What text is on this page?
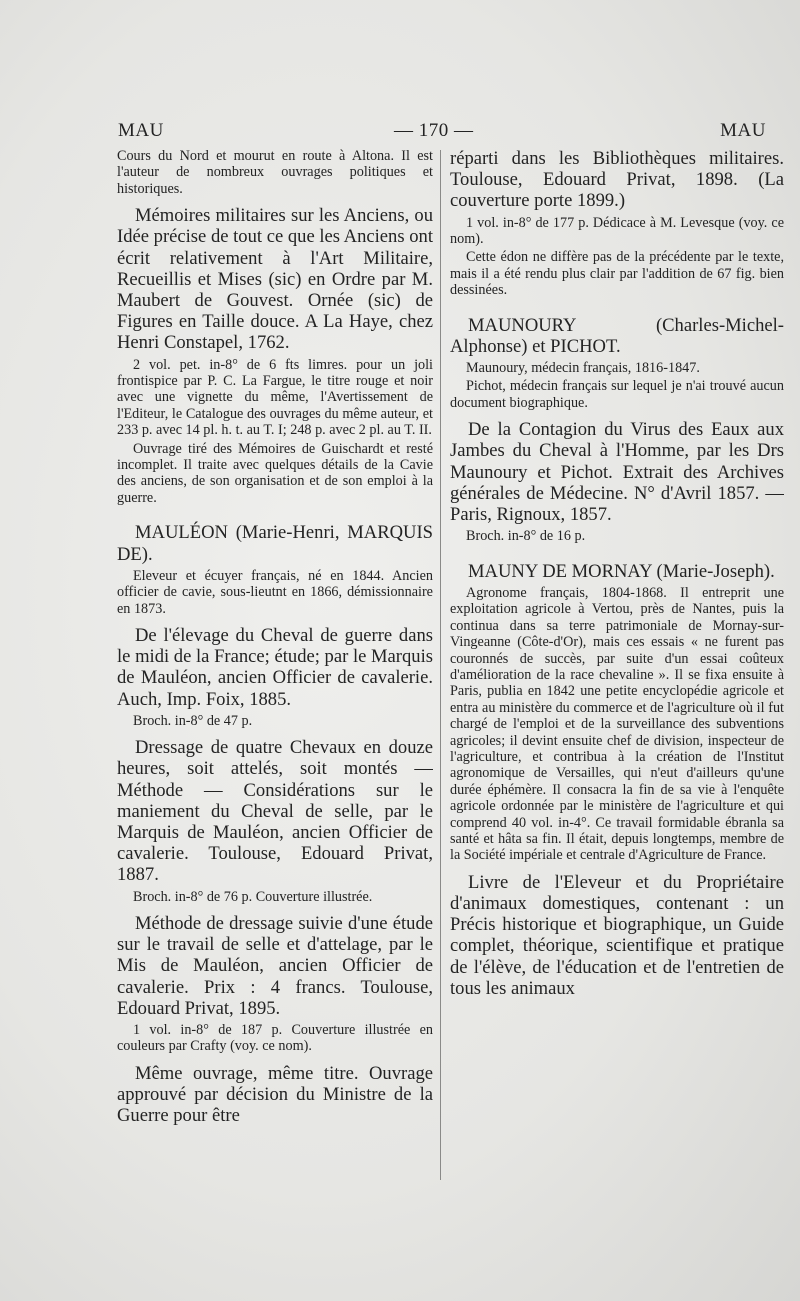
MAU	— 170 —	MAU

Cours du Nord et mourut en route à Altona. Il est l'auteur de nombreux ouvrages politiques et historiques.

Mémoires militaires sur les Anciens, ou Idée précise de tout ce que les Anciens ont écrit relativement à l'Art Militaire, Recueillis et Mises (sic) en Ordre par M. Maubert de Gouvest. Ornée (sic) de Figures en Taille douce. A La Haye, chez Henri Constapel, 1762.

2 vol. pet. in-8° de 6 fts limres. pour un joli frontispice par P. C. La Fargue, le titre rouge et noir avec une vignette du même, l'Avertissement de l'Editeur, le Catalogue des ouvrages du même auteur, et 233 p. avec 14 pl. h. t. au T. I; 248 p. avec 2 pl. au T. II.

Ouvrage tiré des Mémoires de Guischardt et resté incomplet. Il traite avec quelques détails de la Cavie des anciens, de son organisation et de son emploi à la guerre.

MAULÉON (Marie-Henri, MARQUIS DE).

Eleveur et écuyer français, né en 1844. Ancien officier de cavie, sous-lieutnt en 1866, démissionnaire en 1873.

De l'élevage du Cheval de guerre dans le midi de la France; étude; par le Marquis de Mauléon, ancien Officier de cavalerie. Auch, Imp. Foix, 1885.

Broch. in-8° de 47 p.

Dressage de quatre Chevaux en douze heures, soit attelés, soit montés — Méthode — Considérations sur le maniement du Cheval de selle, par le Marquis de Mauléon, ancien Officier de cavalerie. Toulouse, Edouard Privat, 1887.

Broch. in-8° de 76 p. Couverture illustrée.

Méthode de dressage suivie d'une étude sur le travail de selle et d'attelage, par le Mis de Mauléon, ancien Officier de cavalerie. Prix : 4 francs. Toulouse, Edouard Privat, 1895.

1 vol. in-8° de 187 p. Couverture illustrée en couleurs par Crafty (voy. ce nom).

Même ouvrage, même titre. Ouvrage approuvé par décision du Ministre de la Guerre pour être

réparti dans les Bibliothèques militaires. Toulouse, Edouard Privat, 1898. (La couverture porte 1899.)

1 vol. in-8° de 177 p. Dédicace à M. Levesque (voy. ce nom).

Cette édon ne diffère pas de la précédente par le texte, mais il a été rendu plus clair par l'addition de 67 fig. bien dessinées.

MAUNOURY (Charles-Michel-Alphonse) et PICHOT.

Maunoury, médecin français, 1816-1847.

Pichot, médecin français sur lequel je n'ai trouvé aucun document biographique.

De la Contagion du Virus des Eaux aux Jambes du Cheval à l'Homme, par les Drs Maunoury et Pichot. Extrait des Archives générales de Médecine. N° d'Avril 1857. — Paris, Rignoux, 1857.

Broch. in-8° de 16 p.

MAUNY DE MORNAY (Marie-Joseph).

Agronome français, 1804-1868. Il entreprit une exploitation agricole à Vertou, près de Nantes, puis la continua dans sa terre patrimoniale de Mornay-sur-Vingeanne (Côte-d'Or), mais ces essais « ne furent pas couronnés de succès, par suite d'un essai coûteux d'amélioration de la race chevaline ». Il se fixa ensuite à Paris, publia en 1842 une petite encyclopédie agricole et entra au ministère du commerce et de l'agriculture où il fut chargé de l'emploi et de la surveillance des subventions agricoles; il devint ensuite chef de division, inspecteur de l'agriculture, et contribua à la création de l'Institut agronomique de Versailles, qui n'eut d'ailleurs qu'une durée éphémère. Il consacra la fin de sa vie à l'enquête agricole ordonnée par le ministère de l'agriculture et qui comprend 40 vol. in-4°. Ce travail formidable ébranla sa santé et hâta sa fin. Il était, depuis longtemps, membre de la Société impériale et centrale d'Agriculture de France.

Livre de l'Eleveur et du Propriétaire d'animaux domestiques, contenant : un Précis historique et biographique, un Guide complet, théorique, scientifique et pratique de l'élève, de l'éducation et de l'entretien de tous les animaux
